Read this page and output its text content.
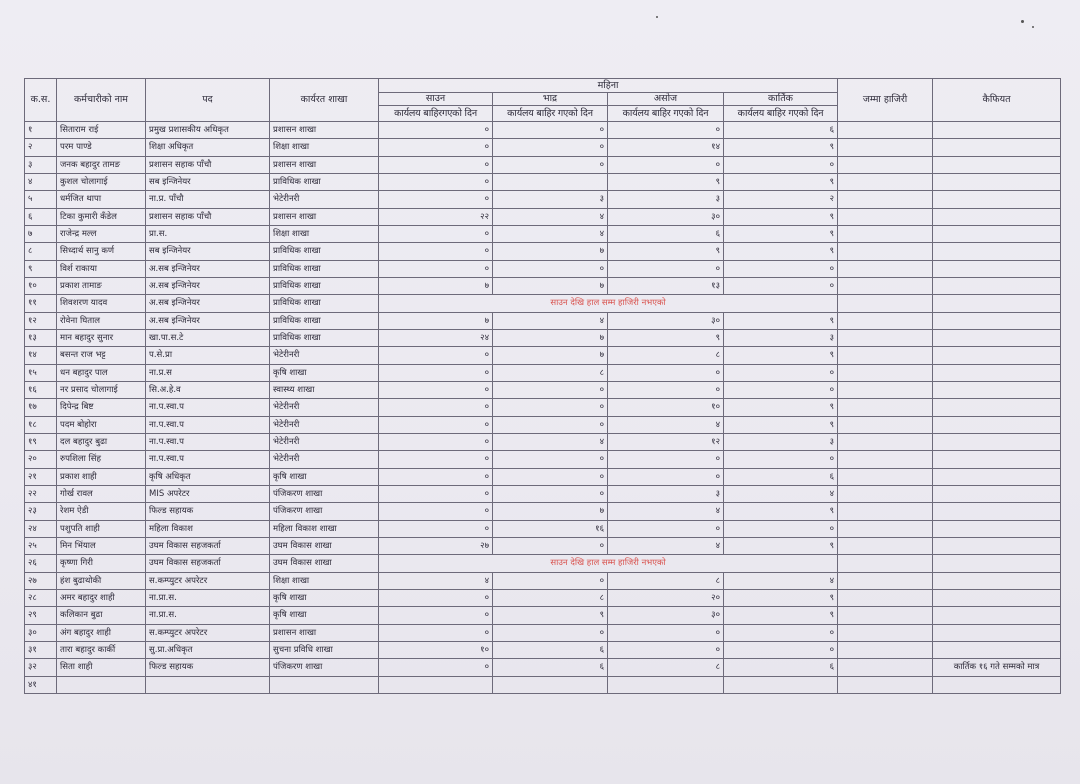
क.स.	कर्मचारीको नाम	पद	कार्यरत शाखा	महिना				जम्मा हाजिरी	कैफियत
				साउन	भाद्र	असोज	कार्तिक		
				कार्यलय बाहिरगएको दिन	कार्यलय बाहिर गएको दिन	कार्यलय बाहिर गएको दिन	कार्यलय बाहिर गएको दिन		
१	सिताराम राई	प्रमुख प्रशासकीय अधिकृत	प्रशासन शाखा	०	०	०	६		
२	परम पाण्डे	शिक्षा अधिकृत	शिक्षा शाखा	०	०	१४	९		
३	जनक बहादुर तामङ	प्रशासन सहाक पाँचौ	प्रशासन शाखा	०	०	०	०		
४	कुशल चोलागाई	सब इन्जिनेयर	प्राविधिक शाखा	०		९	९		
५	धर्मजित थापा	ना.प्र. पाँचौ	भेटेरीनरी	०	३	३	२		
६	टिका कुमारी कँडेल	प्रशासन सहाक पाँचौ	प्रशासन शाखा	२२	४	३०	९		
७	राजेन्द्र मल्ल	प्रा.स.	शिक्षा शाखा	०	४	६	९		
८	सिध्दार्थ सानु कर्ण	सब इन्जिनेयर	प्राविधिक शाखा	०	७	९	९		
९	विर्श राकाया	अ.सब इन्जिनेयर	प्राविधिक शाखा	०	०	०	०		
१०	प्रकाश तामाङ	अ.सब इन्जिनेयर	प्राविधिक शाखा	७	७	१३	०		
११	शिवशरण यादव	अ.सब इन्जिनेयर	प्राविधिक शाखा	साउन देखि हाल सम्म हाजिरी नभएको					
१२	रोवेना घिताल	अ.सब इन्जिनेयर	प्राविधिक शाखा	७	४	३०	९		
१३	मान बहादुर सुनार	खा.पा.स.टे	प्राविधिक शाखा	२४	७	९	३		
१४	बसन्त राज भट्ट	प.से.प्रा	भेटेरीनरी	०	७	८	९		
१५	धन बहादुर पाल	ना.प्र.स	कृषि शाखा	०	८	०	०		
१६	नर प्रसाद चोलागाई	सि.अ.हे.व	स्वास्थ्य शाखा	०	०	०	०		
१७	दिपेन्द्र बिष्ट	ना.प.स्वा.प	भेटेरीनरी	०	०	१०	९		
१८	पदम बोहोरा	ना.प.स्वा.प	भेटेरीनरी	०	०	४	९		
१९	दल बहादुर बुढा	ना.प.स्वा.प	भेटेरीनरी	०	४	१२	३		
२०	रुपशिला सिंह	ना.प.स्वा.प	भेटेरीनरी	०	०	०	०		
२१	प्रकाश शाही	कृषि अधिकृत	कृषि शाखा	०	०	०	६		
२२	गोर्ख रावल	MIS अपरेटर	पंजिकरण शाखा	०	०	३	४		
२३	रेशम ऐडी	फिल्ड सहायक	पंजिकरण शाखा	०	७	४	९		
२४	पशुपति शाही	महिला विकाश	महिला विकाश शाखा	०	१६	०	०		
२५	मिन भिंयाल	उघम विकास सहजकर्ता	उघम विकास शाखा	२७	०	४	९		
२६	कृष्णा गिरी	उघम विकास सहजकर्ता	उघम विकास शाखा	साउन देखि हाल सम्म हाजिरी नभएको					
२७	हंश बुढाथोकी	स.कम्प्युटर अपरेटर	शिक्षा शाखा	४	०	८	४		
२८	अमर बहादुर शाही	ना.प्रा.स.	कृषि शाखा	०	८	२०	९		
२९	कलिकान बुढा	ना.प्रा.स.	कृषि शाखा	०	९	३०	९		
३०	अंग बहादुर शाही	स.कम्प्युटर अपरेटर	प्रशासन शाखा	०	०	०	०		
३१	तारा बहादुर कार्की	सु.प्रा.अधिकृत	सुचना प्रविधि शाखा	१०	६	०	०		
३२	सिता शाही	फिल्ड सहायक	पंजिकरण शाखा	०	६	८	६		कार्तिक १६ गते सम्मको मात्र
४१									
